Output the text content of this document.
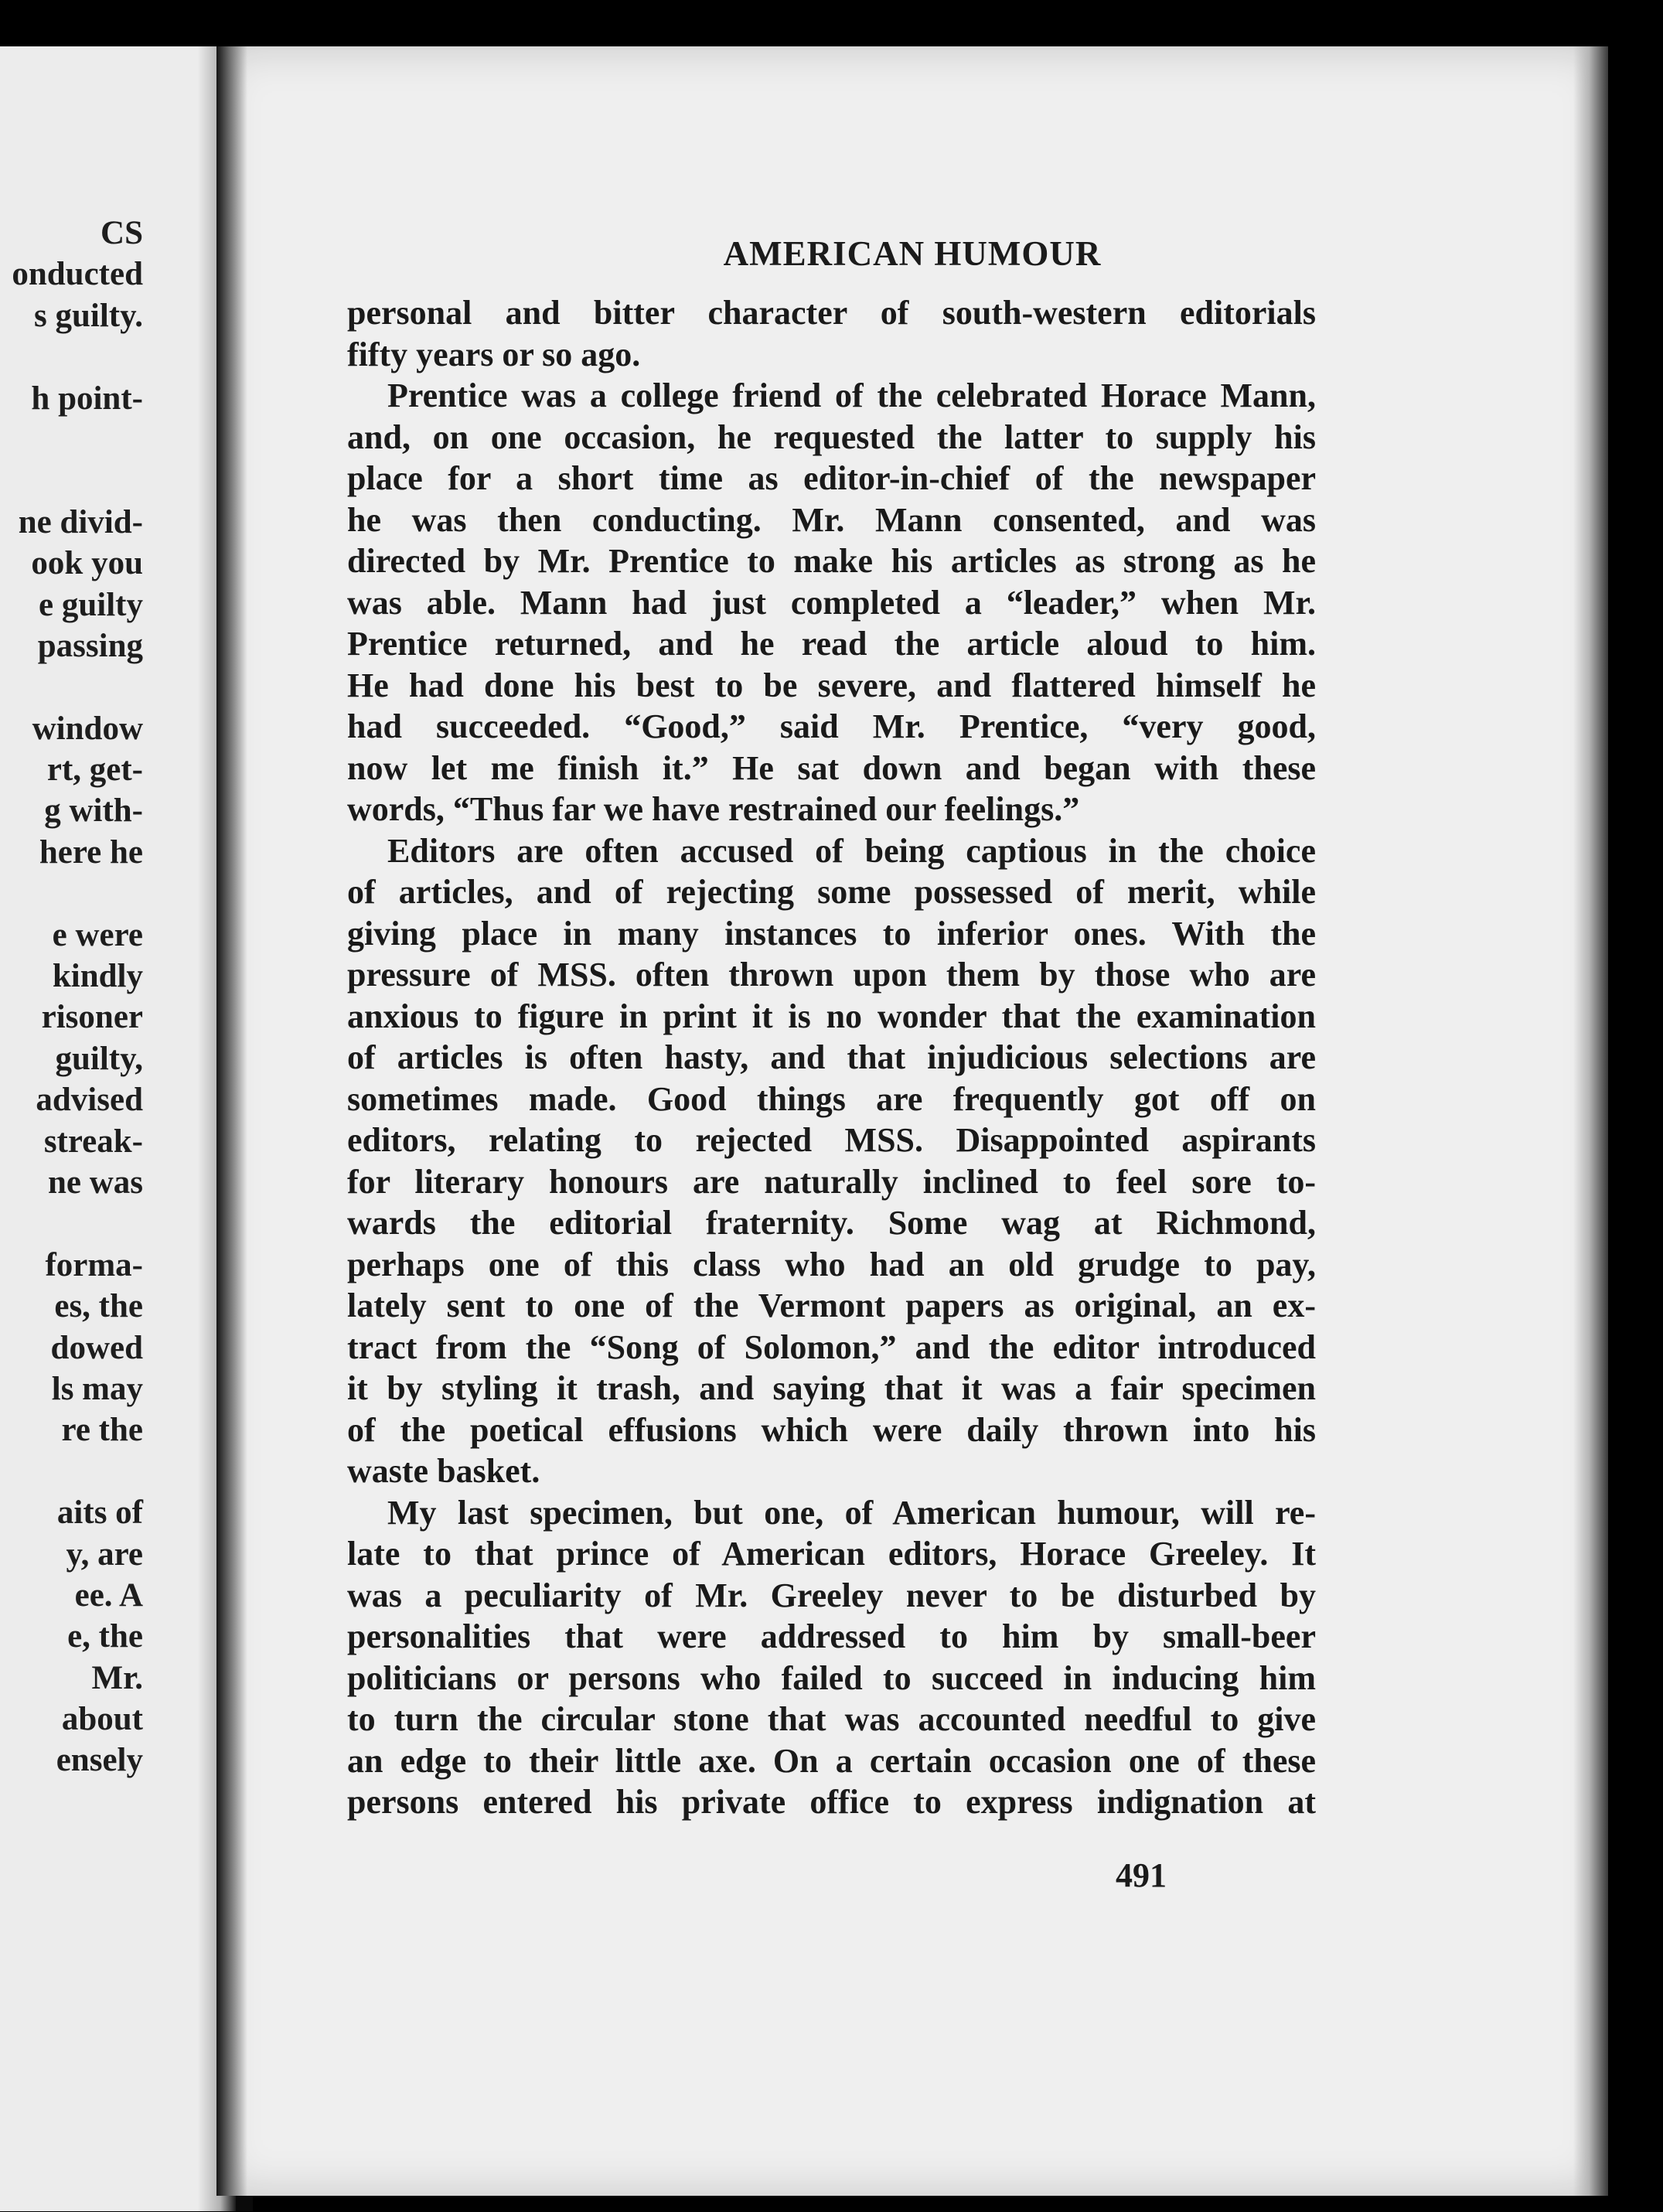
CS
onducted
s guilty.
h point-
ne divid-
ook you
e guilty
passing
window
rt, get-
g with-
here he
e were
kindly
risoner
guilty,
advised
streak-
ne was
forma-
es, the
dowed
ls may
re the
aits of
y, are
ee. A
e, the
Mr.
about
ensely
AMERICAN HUMOUR
personal and bitter character of south-western editorials
fifty years or so ago.
Prentice was a college friend of the celebrated Horace Mann,
and, on one occasion, he requested the latter to supply his
place for a short time as editor-in-chief of the newspaper
he was then conducting. Mr. Mann consented, and was
directed by Mr. Prentice to make his articles as strong as he
was able. Mann had just completed a “leader,” when Mr.
Prentice returned, and he read the article aloud to him.
He had done his best to be severe, and flattered himself he
had succeeded. “Good,” said Mr. Prentice, “very good,
now let me finish it.” He sat down and began with these
words, “Thus far we have restrained our feelings.”
Editors are often accused of being captious in the choice
of articles, and of rejecting some possessed of merit, while
giving place in many instances to inferior ones. With the
pressure of MSS. often thrown upon them by those who are
anxious to figure in print it is no wonder that the examination
of articles is often hasty, and that injudicious selections are
sometimes made. Good things are frequently got off on
editors, relating to rejected MSS. Disappointed aspirants
for literary honours are naturally inclined to feel sore to-
wards the editorial fraternity. Some wag at Richmond,
perhaps one of this class who had an old grudge to pay,
lately sent to one of the Vermont papers as original, an ex-
tract from the “Song of Solomon,” and the editor introduced
it by styling it trash, and saying that it was a fair specimen
of the poetical effusions which were daily thrown into his
waste basket.
My last specimen, but one, of American humour, will re-
late to that prince of American editors, Horace Greeley. It
was a peculiarity of Mr. Greeley never to be disturbed by
personalities that were addressed to him by small-beer
politicians or persons who failed to succeed in inducing him
to turn the circular stone that was accounted needful to give
an edge to their little axe. On a certain occasion one of these
persons entered his private office to express indignation at
491
